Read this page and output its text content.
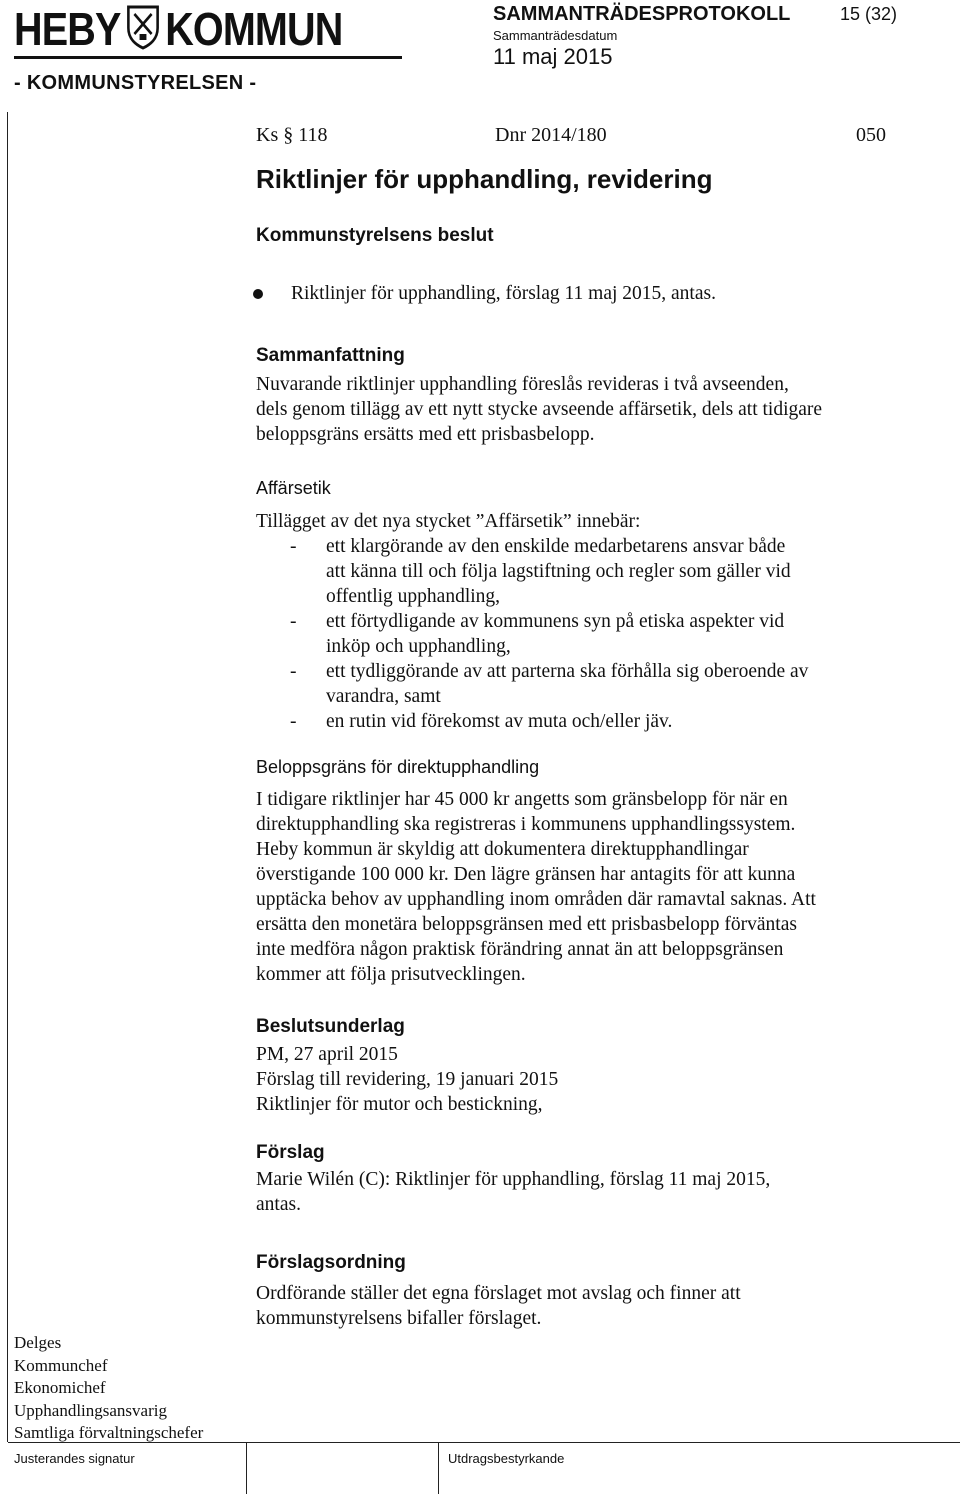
HEBY KOMMUN
- KOMMUNSTYRELSEN -
SAMMANTRÄDESPROTOKOLL	15 (32)
Sammanträdesdatum
11 maj 2015
Ks § 118	Dnr 2014/180	050
Riktlinjer för upphandling, revidering
Kommunstyrelsens beslut
Riktlinjer för upphandling, förslag 11 maj 2015, antas.
Sammanfattning
Nuvarande riktlinjer upphandling föreslås revideras i två avseenden,
dels genom tillägg av ett nytt stycke avseende affärsetik, dels att tidigare
beloppsgräns ersätts med ett prisbasbelopp.
Affärsetik
Tillägget av det nya stycket ”Affärsetik” innebär:
- ett klargörande av den enskilde medarbetarens ansvar både
att känna till och följa lagstiftning och regler som gäller vid
offentlig upphandling,
- ett förtydligande av kommunens syn på etiska aspekter vid
inköp och upphandling,
- ett tydliggörande av att parterna ska förhålla sig oberoende av
varandra, samt
- en rutin vid förekomst av muta och/eller jäv.
Beloppsgräns för direktupphandling
I tidigare riktlinjer har 45 000 kr angetts som gränsbelopp för när en
direktupphandling ska registreras i kommunens upphandlingssystem.
Heby kommun är skyldig att dokumentera direktupphandlingar
överstigande 100 000 kr. Den lägre gränsen har antagits för att kunna
upptäcka behov av upphandling inom områden där ramavtal saknas. Att
ersätta den monetära beloppsgränsen med ett prisbasbelopp förväntas
inte medföra någon praktisk förändring annat än att beloppsgränsen
kommer att följa prisutvecklingen.
Beslutsunderlag
PM, 27 april 2015
Förslag till revidering, 19 januari 2015
Riktlinjer för mutor och bestickning,
Förslag
Marie Wilén (C): Riktlinjer för upphandling, förslag 11 maj 2015,
antas.
Förslagsordning
Ordförande ställer det egna förslaget mot avslag och finner att
kommunstyrelsens bifaller förslaget.
Delges
Kommunchef
Ekonomichef
Upphandlingsansvarig
Samtliga förvaltningschefer
Justerandes signatur	Utdragsbestyrkande
